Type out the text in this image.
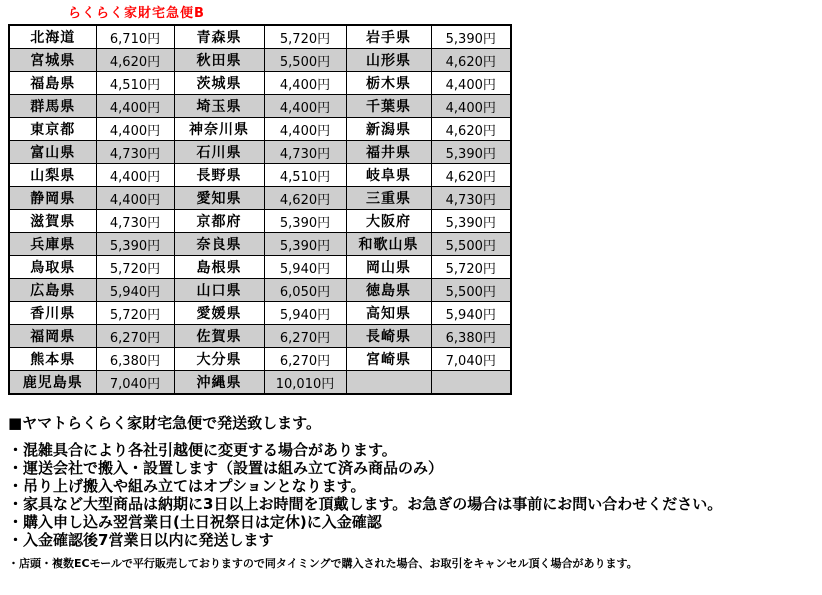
らくらく家財宅急便B
北海道	6,710円	青森県	5,720円	岩手県	5,390円
宮城県	4,620円	秋田県	5,500円	山形県	4,620円
福島県	4,510円	茨城県	4,400円	栃木県	4,400円
群馬県	4,400円	埼玉県	4,400円	千葉県	4,400円
東京都	4,400円	神奈川県	4,400円	新潟県	4,620円
富山県	4,730円	石川県	4,730円	福井県	5,390円
山梨県	4,400円	長野県	4,510円	岐阜県	4,620円
静岡県	4,400円	愛知県	4,620円	三重県	4,730円
滋賀県	4,730円	京都府	5,390円	大阪府	5,390円
兵庫県	5,390円	奈良県	5,390円	和歌山県	5,500円
鳥取県	5,720円	島根県	5,940円	岡山県	5,720円
広島県	5,940円	山口県	6,050円	徳島県	5,500円
香川県	5,720円	愛媛県	5,940円	高知県	5,940円
福岡県	6,270円	佐賀県	6,270円	長崎県	6,380円
熊本県	6,380円	大分県	6,270円	宮崎県	7,040円
鹿児島県	7,040円	沖縄県	10,010円		
■ヤマトらくらく家財宅急便で発送致します。
・混雑具合により各社引越便に変更する場合があります。
・運送会社で搬入・設置します（設置は組み立て済み商品のみ）
・吊り上げ搬入や組み立てはオプションとなります。
・家具など大型商品は納期に3日以上お時間を頂戴します。お急ぎの場合は事前にお問い合わせください。
・購入申し込み翌営業日(土日祝祭日は定休)に入金確認
・入金確認後7営業日以内に発送します
・店頭・複数ECモールで平行販売しておりますので同タイミングで購入された場合、お取引をキャンセル頂く場合があります。
